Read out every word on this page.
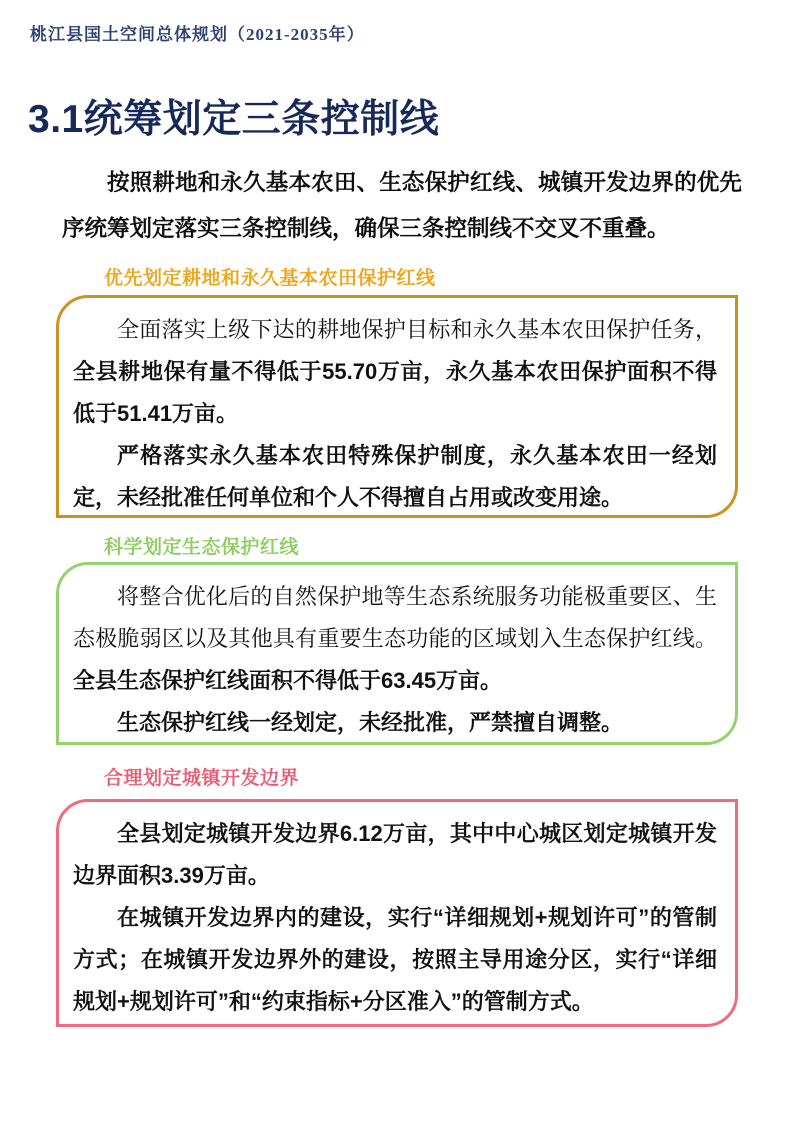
桃江县国土空间总体规划（2021-2035年）
3.1统筹划定三条控制线

按照耕地和永久基本农田、生态保护红线、城镇开发边界的优先序统筹划定落实三条控制线，确保三条控制线不交叉不重叠。

优先划定耕地和永久基本农田保护红线

全面落实上级下达的耕地保护目标和永久基本农田保护任务，全县耕地保有量不得低于55.70万亩，永久基本农田保护面积不得低于51.41万亩。

严格落实永久基本农田特殊保护制度，永久基本农田一经划定，未经批准任何单位和个人不得擅自占用或改变用途。

科学划定生态保护红线

将整合优化后的自然保护地等生态系统服务功能极重要区、生态极脆弱区以及其他具有重要生态功能的区域划入生态保护红线。全县生态保护红线面积不得低于63.45万亩。

生态保护红线一经划定，未经批准，严禁擅自调整。

合理划定城镇开发边界

全县划定城镇开发边界6.12万亩，其中中心城区划定城镇开发边界面积3.39万亩。

在城镇开发边界内的建设，实行“详细规划+规划许可”的管制方式；在城镇开发边界外的建设，按照主导用途分区，实行“详细规划+规划许可”和“约束指标+分区准入”的管制方式。
